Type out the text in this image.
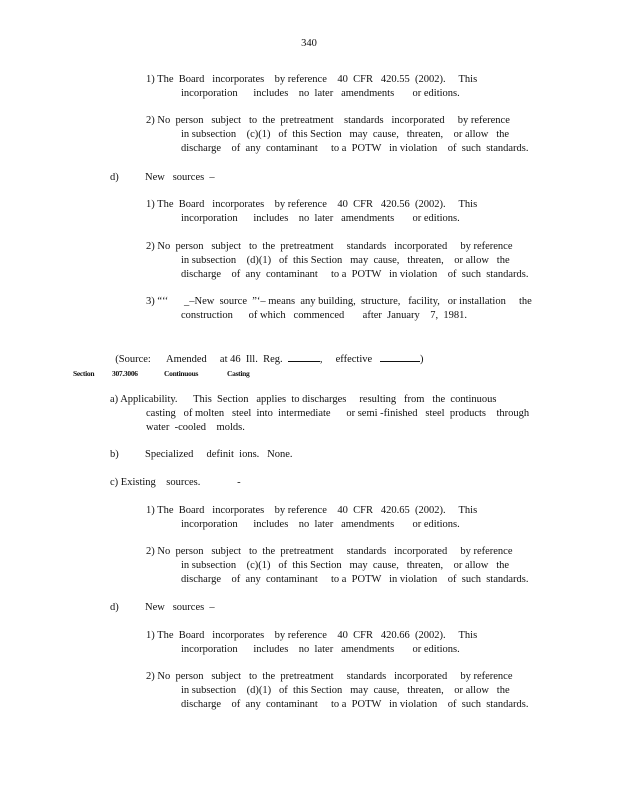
340
1) The  Board   incorporates    by reference    40  CFR   420.55  (2002).     This
incorporation      includes    no  later   amendments       or editions.
2) No  person   subject   to  the  pretreatment    standards   incorporated     by reference
in subsection    (c)(1)   of  this Section   may  cause,   threaten,    or allow   the
discharge    of  any  contaminant     to a  POTW   in violation    of  such  standards.
d)          New   sources  –
1) The  Board   incorporates    by reference    40  CFR   420.56  (2002).     This
incorporation      includes    no  later   amendments       or editions.
2) No  person   subject   to  the  pretreatment     standards   incorporated     by reference
in subsection    (d)(1)   of  this Section   may  cause,   threaten,    or allow   the
discharge    of  any  contaminant     to a  POTW   in violation    of  such  standards.
3) “‘‘      _–New  source  ”‘– means  any building,  structure,   facility,   or installation     the
construction      of which   commenced       after  January    7,  1981.

(Source:      Amended     at 46  Ill.  Reg.	,     effective	)

Section 307.3006	Continuous	Casting
a) Applicability.      This  Section   applies  to discharges     resulting   from   the  continuous
casting   of molten   steel  into  intermediate      or semi -finished   steel  products    through
water  -cooled    molds.
b)          Specialized     definit  ions.   None.
c) Existing    sources.              -
1) The  Board   incorporates    by reference    40  CFR   420.65  (2002).     This
incorporation      includes    no  later   amendments       or editions.
2) No  person   subject   to  the  pretreatment     standards   incorporated     by reference
in subsection    (c)(1)   of  this Section   may  cause,   threaten,    or allow   the
discharge    of  any  contaminant     to a  POTW   in violation    of  such  standards.
d)          New   sources  –
1) The  Board   incorporates    by reference    40  CFR   420.66  (2002).     This
incorporation      includes    no  later   amendments       or editions.
2) No  person   subject   to  the  pretreatment     standards   incorporated     by reference
in subsection    (d)(1)   of  this Section   may  cause,   threaten,    or allow   the
discharge    of  any  contaminant     to a  POTW   in violation    of  such  standards.
